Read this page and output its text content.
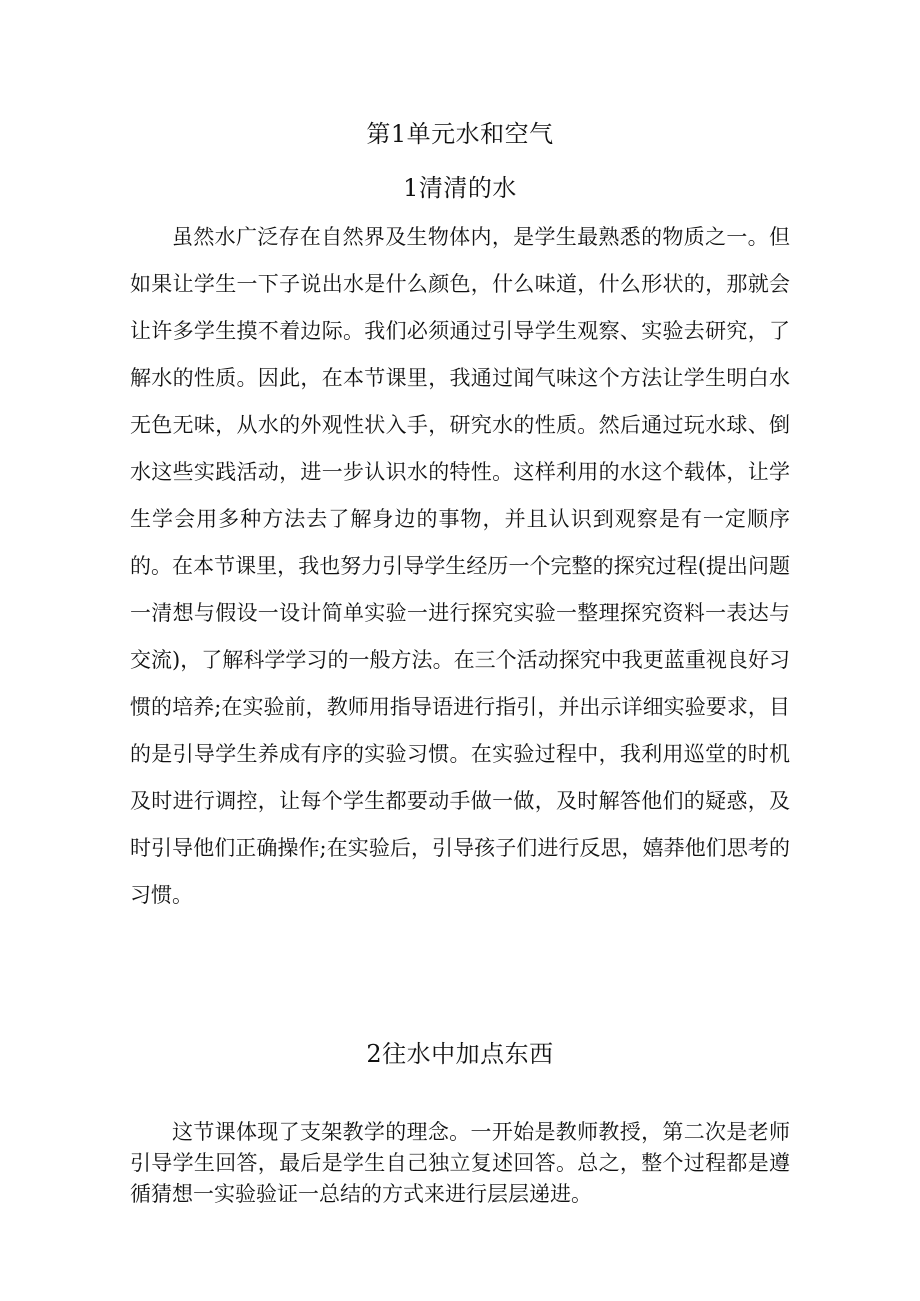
第1单元水和空气
1清清的水

虽然水广泛存在自然界及生物体内，是学生最熟悉的物质之一。但如果让学生一下子说出水是什么颜色，什么味道，什么形状的，那就会让许多学生摸不着边际。我们必须通过引导学生观察、实验去研究，了解水的性质。因此，在本节课里，我通过闻气味这个方法让学生明白水无色无味，从水的外观性状入手，研究水的性质。然后通过玩水球、倒水这些实践活动，进一步认识水的特性。这样利用的水这个载体，让学生学会用多种方法去了解身边的事物，并且认识到观察是有一定顺序的。在本节课里，我也努力引导学生经历一个完整的探究过程(提出问题一清想与假设一设计简单实验一进行探究实验一整理探究资料一表达与交流)，了解科学学习的一般方法。在三个活动探究中我更蓝重视良好习惯的培养;在实验前，教师用指导语进行指引，并出示详细实验要求，目的是引导学生养成有序的实验习惯。在实验过程中，我利用巡堂的时机及时进行调控，让每个学生都要动手做一做，及时解答他们的疑惑，及时引导他们正确操作;在实验后，引导孩子们进行反思，嬉莽他们思考的习惯。

2往水中加点东西

这节课体现了支架教学的理念。一开始是教师教授，第二次是老师引导学生回答，最后是学生自己独立复述回答。总之，整个过程都是遵循猜想一实验验证一总结的方式来进行层层递进。
